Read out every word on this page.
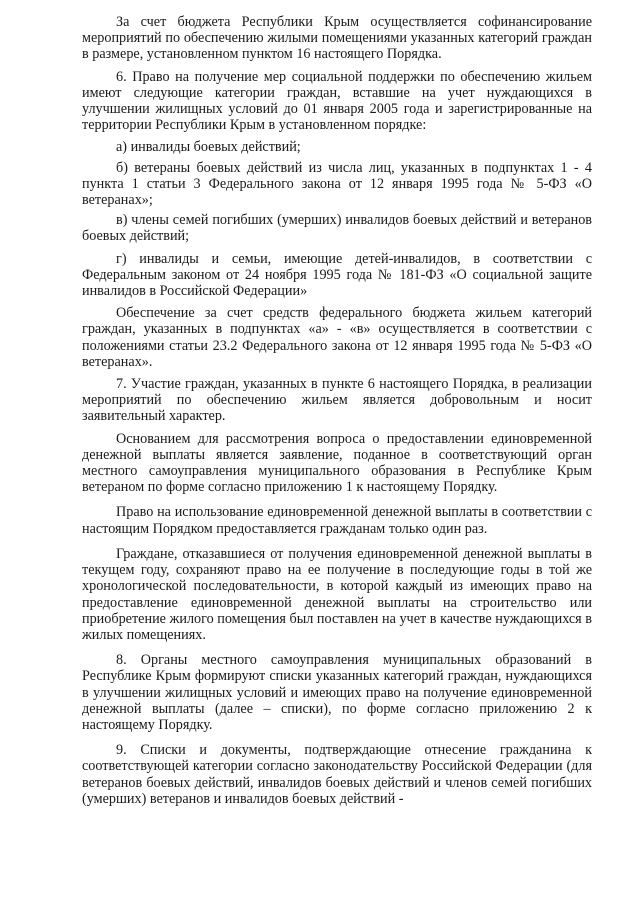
За счет бюджета Республики Крым осуществляется софинансирование мероприятий по обеспечению жилыми помещениями указанных категорий граждан в размере, установленном пунктом 16 настоящего Порядка.

6. Право на получение мер социальной поддержки по обеспечению жильем имеют следующие категории граждан, вставшие на учет нуждающихся в улучшении жилищных условий до 01 января 2005 года и зарегистрированные на территории Республики Крым в установленном порядке:

а) инвалиды боевых действий;

б) ветераны боевых действий из числа лиц, указанных в подпунктах 1 - 4 пункта 1 статьи 3 Федерального закона от 12 января 1995 года № 5-ФЗ «О ветеранах»;

в) члены семей погибших (умерших) инвалидов боевых действий и ветеранов боевых действий;

г) инвалиды и семьи, имеющие детей-инвалидов, в соответствии с Федеральным законом от 24 ноября 1995 года № 181-ФЗ «О социальной защите инвалидов в Российской Федерации»

Обеспечение за счет средств федерального бюджета жильем категорий граждан, указанных в подпунктах «а» - «в» осуществляется в соответствии с положениями статьи 23.2 Федерального закона от 12 января 1995 года № 5-ФЗ «О ветеранах».

7. Участие граждан, указанных в пункте 6 настоящего Порядка, в реализации мероприятий по обеспечению жильем является добровольным и носит заявительный характер.

Основанием для рассмотрения вопроса о предоставлении единовременной денежной выплаты является заявление, поданное в соответствующий орган местного самоуправления муниципального образования в Республике Крым ветераном по форме согласно приложению 1 к настоящему Порядку.

Право на использование единовременной денежной выплаты в соответствии с настоящим Порядком предоставляется гражданам только один раз.

Граждане, отказавшиеся от получения единовременной денежной выплаты в текущем году, сохраняют право на ее получение в последующие годы в той же хронологической последовательности, в которой каждый из имеющих право на предоставление единовременной денежной выплаты на строительство или приобретение жилого помещения был поставлен на учет в качестве нуждающихся в жилых помещениях.

8. Органы местного самоуправления муниципальных образований в Республике Крым формируют списки указанных категорий граждан, нуждающихся в улучшении жилищных условий и имеющих право на получение единовременной денежной выплаты (далее – списки), по форме согласно приложению 2 к настоящему Порядку.

9. Списки и документы, подтверждающие отнесение гражданина к соответствующей категории согласно законодательству Российской Федерации (для ветеранов боевых действий, инвалидов боевых действий и членов семей погибших (умерших) ветеранов и инвалидов боевых действий -
